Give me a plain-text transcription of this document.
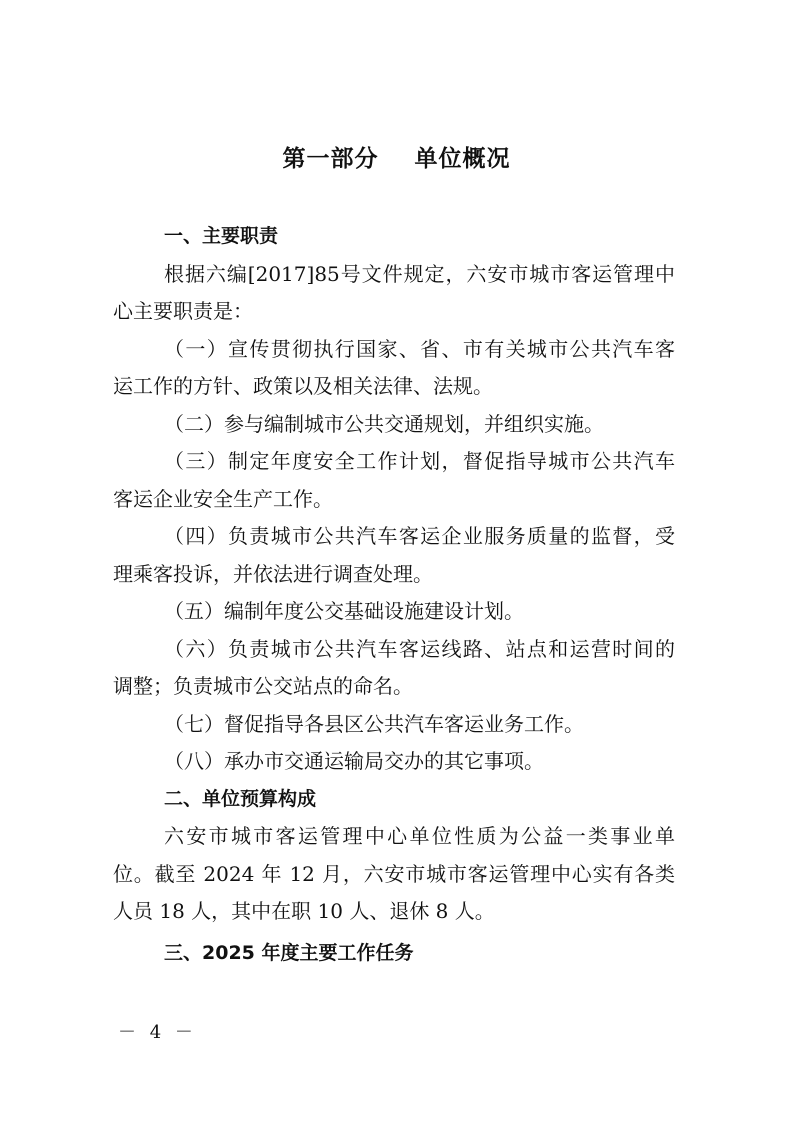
第一部分    单位概况
一、主要职责
根据六编[2017]85号文件规定，六安市城市客运管理中
心主要职责是：
（一）宣传贯彻执行国家、省、市有关城市公共汽车客
运工作的方针、政策以及相关法律、法规。
（二）参与编制城市公共交通规划，并组织实施。
（三）制定年度安全工作计划，督促指导城市公共汽车
客运企业安全生产工作。
（四）负责城市公共汽车客运企业服务质量的监督，受
理乘客投诉，并依法进行调查处理。
（五）编制年度公交基础设施建设计划。
（六）负责城市公共汽车客运线路、站点和运营时间的
调整；负责城市公交站点的命名。
（七）督促指导各县区公共汽车客运业务工作。
（八）承办市交通运输局交办的其它事项。
二、单位预算构成
六安市城市客运管理中心单位性质为公益一类事业单
位。截至 2024 年 12 月，六安市城市客运管理中心实有各类
人员 18 人，其中在职 10 人、退休 8 人。
三、2025 年度主要工作任务
－ 4 －
